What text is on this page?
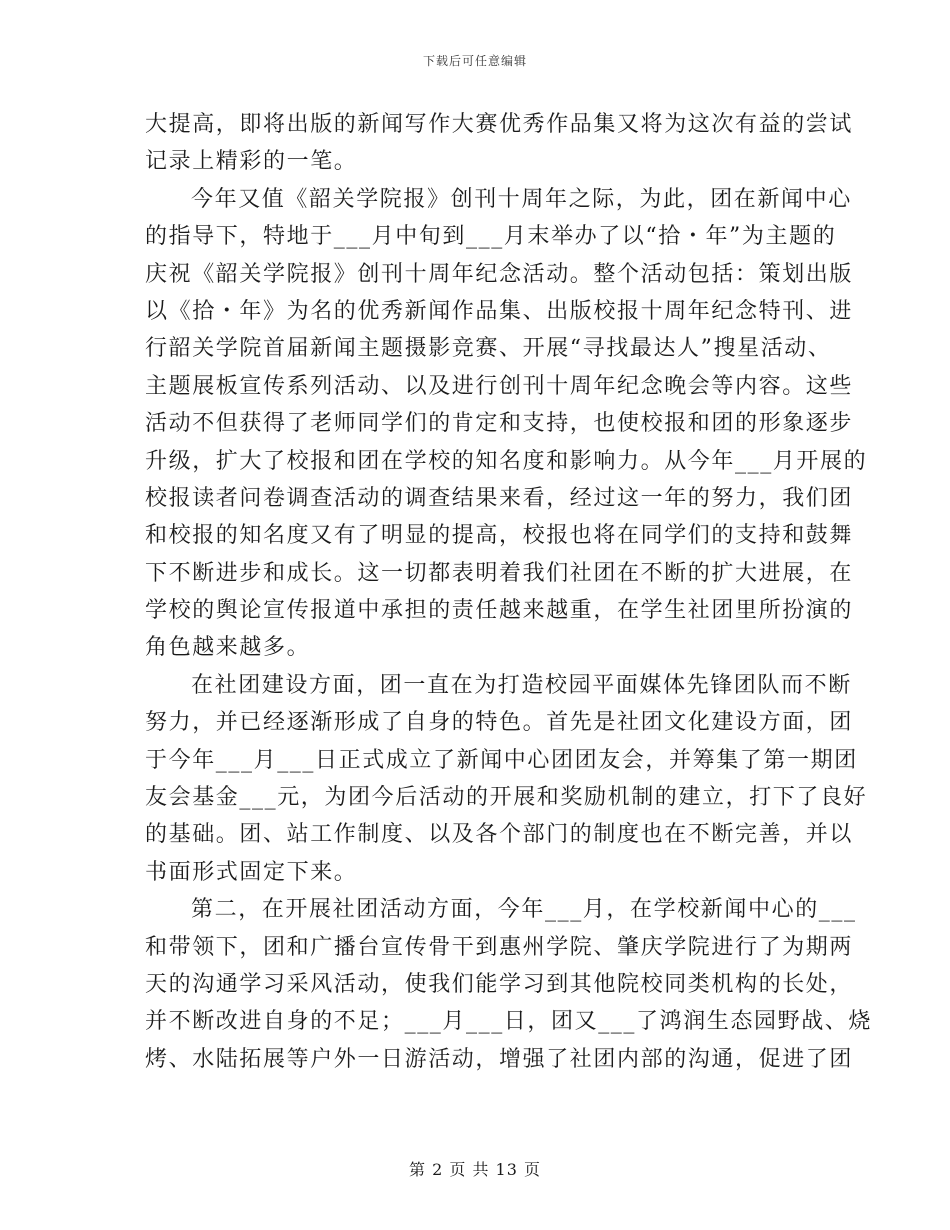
下载后可任意编辑
大提高，即将出版的新闻写作大赛优秀作品集又将为这次有益的尝试
记录上精彩的一笔。
今年又值《韶关学院报》创刊十周年之际，为此，团在新闻中心
的指导下，特地于___月中旬到___月末举办了以“拾・年”为主题的
庆祝《韶关学院报》创刊十周年纪念活动。整个活动包括：策划出版
以《拾・年》为名的优秀新闻作品集、出版校报十周年纪念特刊、进
行韶关学院首届新闻主题摄影竞赛、开展“寻找最达人”搜星活动、
主题展板宣传系列活动、以及进行创刊十周年纪念晚会等内容。这些
活动不但获得了老师同学们的肯定和支持，也使校报和团的形象逐步
升级，扩大了校报和团在学校的知名度和影响力。从今年___月开展的
校报读者问卷调查活动的调查结果来看，经过这一年的努力，我们团
和校报的知名度又有了明显的提高，校报也将在同学们的支持和鼓舞
下不断进步和成长。这一切都表明着我们社团在不断的扩大进展，在
学校的舆论宣传报道中承担的责任越来越重，在学生社团里所扮演的
角色越来越多。
在社团建设方面，团一直在为打造校园平面媒体先锋团队而不断
努力，并已经逐渐形成了自身的特色。首先是社团文化建设方面，团
于今年___月___日正式成立了新闻中心团团友会，并筹集了第一期团
友会基金___元，为团今后活动的开展和奖励机制的建立，打下了良好
的基础。团、站工作制度、以及各个部门的制度也在不断完善，并以
书面形式固定下来。
第二，在开展社团活动方面，今年___月，在学校新闻中心的___
和带领下，团和广播台宣传骨干到惠州学院、肇庆学院进行了为期两
天的沟通学习采风活动，使我们能学习到其他院校同类机构的长处，
并不断改进自身的不足；___月___日，团又___了鸿润生态园野战、烧
烤、水陆拓展等户外一日游活动，增强了社团内部的沟通，促进了团
第 2 页 共 13 页
